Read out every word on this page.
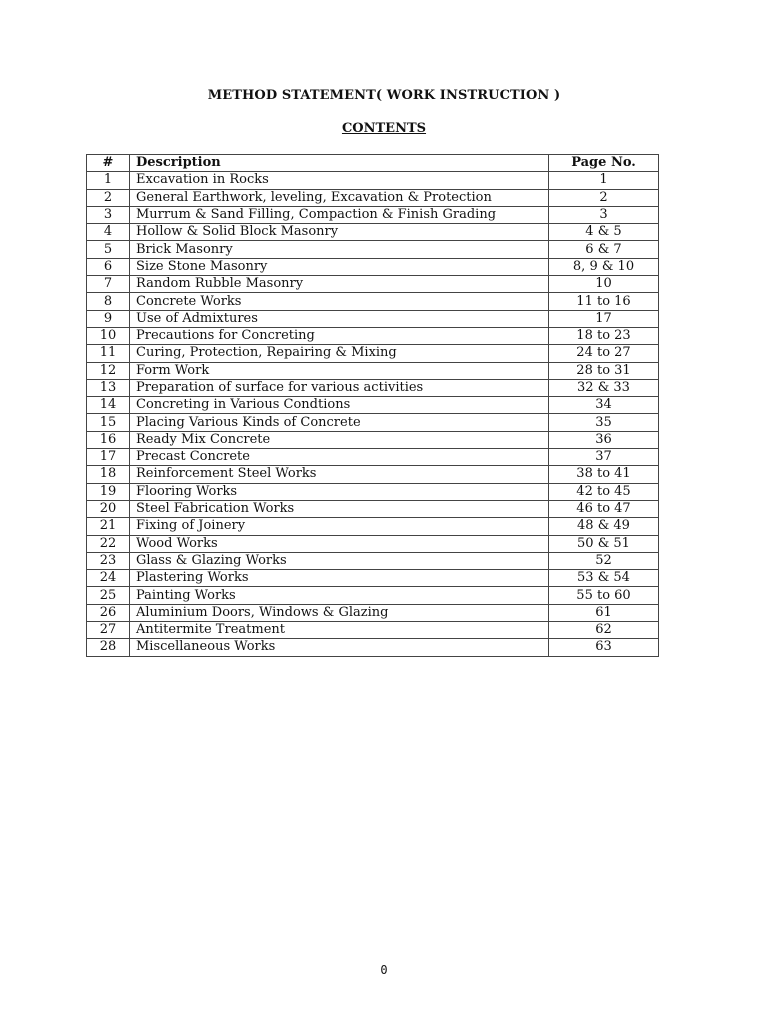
METHOD STATEMENT( WORK INSTRUCTION )
CONTENTS
#	Description	Page No.
1	Excavation in Rocks	1
2	General Earthwork, leveling, Excavation & Protection	2
3	Murrum & Sand Filling, Compaction & Finish Grading	3
4	Hollow & Solid Block Masonry	4 & 5
5	Brick Masonry	6 & 7
6	Size Stone Masonry	8, 9 & 10
7	Random Rubble Masonry	10
8	Concrete Works	11 to 16
9	Use of Admixtures	17
10	Precautions for Concreting	18 to 23
11	Curing, Protection, Repairing & Mixing	24 to 27
12	Form Work	28 to 31
13	Preparation of surface for various activities	32 & 33
14	Concreting in Various Condtions	34
15	Placing Various Kinds of Concrete	35
16	Ready Mix Concrete	36
17	Precast Concrete	37
18	Reinforcement Steel Works	38 to 41
19	Flooring Works	42 to 45
20	Steel Fabrication Works	46 to 47
21	Fixing of Joinery	48 & 49
22	Wood Works	50 & 51
23	Glass & Glazing Works	52
24	Plastering Works	53 & 54
25	Painting Works	55 to 60
26	Aluminium Doors, Windows & Glazing	61
27	Antitermite Treatment	62
28	Miscellaneous Works	63
0
